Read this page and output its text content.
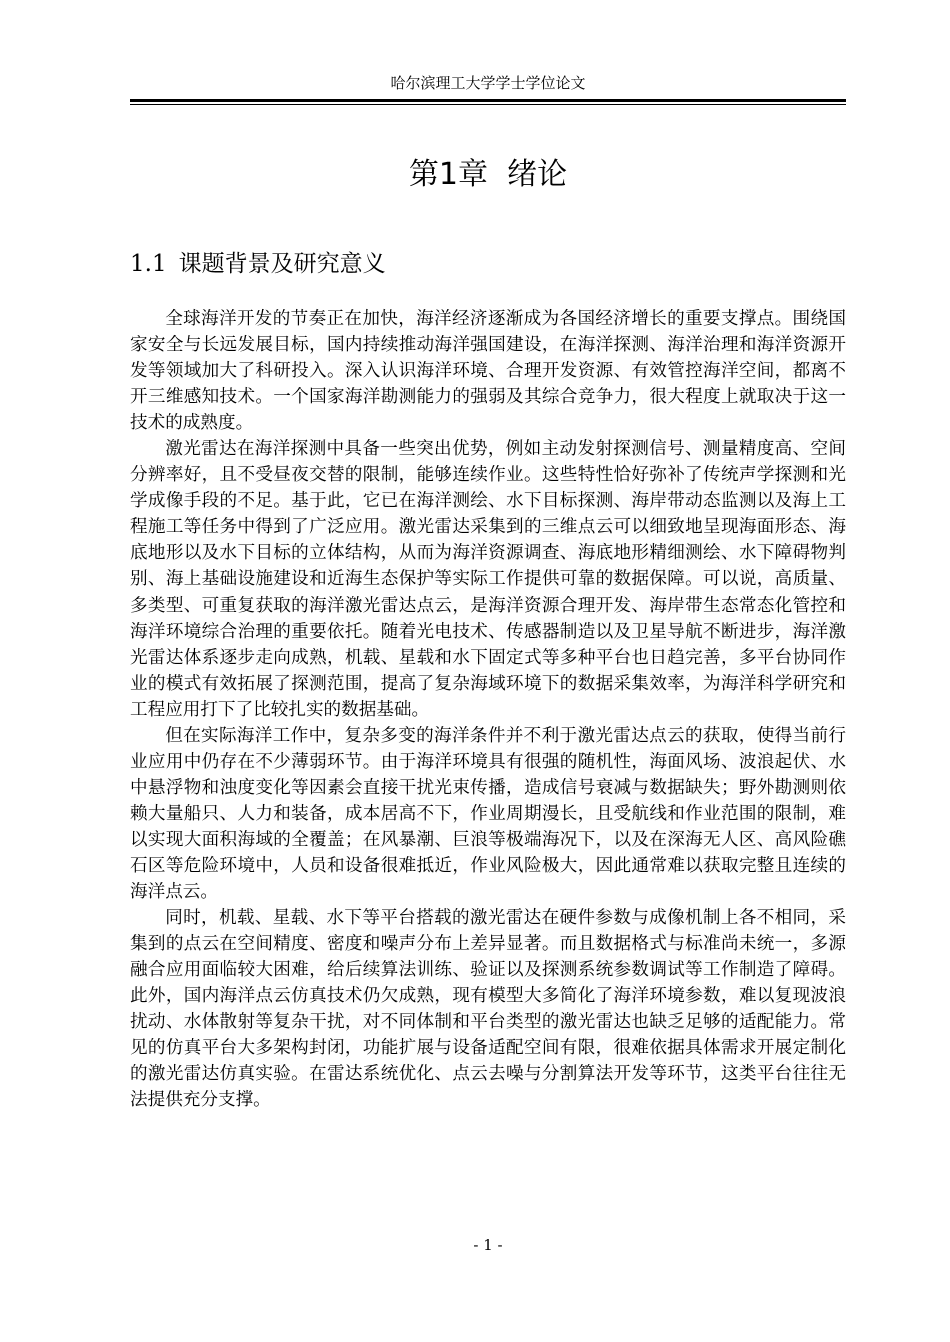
哈尔滨理工大学学士学位论文
第1章  绪论
1.1 课题背景及研究意义

全球海洋开发的节奏正在加快，海洋经济逐渐成为各国经济增长的重要支撑点。围绕国家安全与长远发展目标，国内持续推动海洋强国建设，在海洋探测、海洋治理和海洋资源开发等领域加大了科研投入。深入认识海洋环境、合理开发资源、有效管控海洋空间，都离不开三维感知技术。一个国家海洋勘测能力的强弱及其综合竞争力，很大程度上就取决于这一技术的成熟度。

激光雷达在海洋探测中具备一些突出优势，例如主动发射探测信号、测量精度高、空间分辨率好，且不受昼夜交替的限制，能够连续作业。这些特性恰好弥补了传统声学探测和光学成像手段的不足。基于此，它已在海洋测绘、水下目标探测、海岸带动态监测以及海上工程施工等任务中得到了广泛应用。激光雷达采集到的三维点云可以细致地呈现海面形态、海底地形以及水下目标的立体结构，从而为海洋资源调查、海底地形精细测绘、水下障碍物判别、海上基础设施建设和近海生态保护等实际工作提供可靠的数据保障。可以说，高质量、多类型、可重复获取的海洋激光雷达点云，是海洋资源合理开发、海岸带生态常态化管控和海洋环境综合治理的重要依托。随着光电技术、传感器制造以及卫星导航不断进步，海洋激光雷达体系逐步走向成熟，机载、星载和水下固定式等多种平台也日趋完善，多平台协同作业的模式有效拓展了探测范围，提高了复杂海域环境下的数据采集效率，为海洋科学研究和工程应用打下了比较扎实的数据基础。

但在实际海洋工作中，复杂多变的海洋条件并不利于激光雷达点云的获取，使得当前行业应用中仍存在不少薄弱环节。由于海洋环境具有很强的随机性，海面风场、波浪起伏、水中悬浮物和浊度变化等因素会直接干扰光束传播，造成信号衰减与数据缺失；野外勘测则依赖大量船只、人力和装备，成本居高不下，作业周期漫长，且受航线和作业范围的限制，难以实现大面积海域的全覆盖；在风暴潮、巨浪等极端海况下，以及在深海无人区、高风险礁石区等危险环境中，人员和设备很难抵近，作业风险极大，因此通常难以获取完整且连续的海洋点云。

同时，机载、星载、水下等平台搭载的激光雷达在硬件参数与成像机制上各不相同，采集到的点云在空间精度、密度和噪声分布上差异显著。而且数据格式与标准尚未统一，多源融合应用面临较大困难，给后续算法训练、验证以及探测系统参数调试等工作制造了障碍。此外，国内海洋点云仿真技术仍欠成熟，现有模型大多简化了海洋环境参数，难以复现波浪扰动、水体散射等复杂干扰，对不同体制和平台类型的激光雷达也缺乏足够的适配能力。常见的仿真平台大多架构封闭，功能扩展与设备适配空间有限，很难依据具体需求开展定制化的激光雷达仿真实验。在雷达系统优化、点云去噪与分割算法开发等环节，这类平台往往无法提供充分支撑。

- 1 -
